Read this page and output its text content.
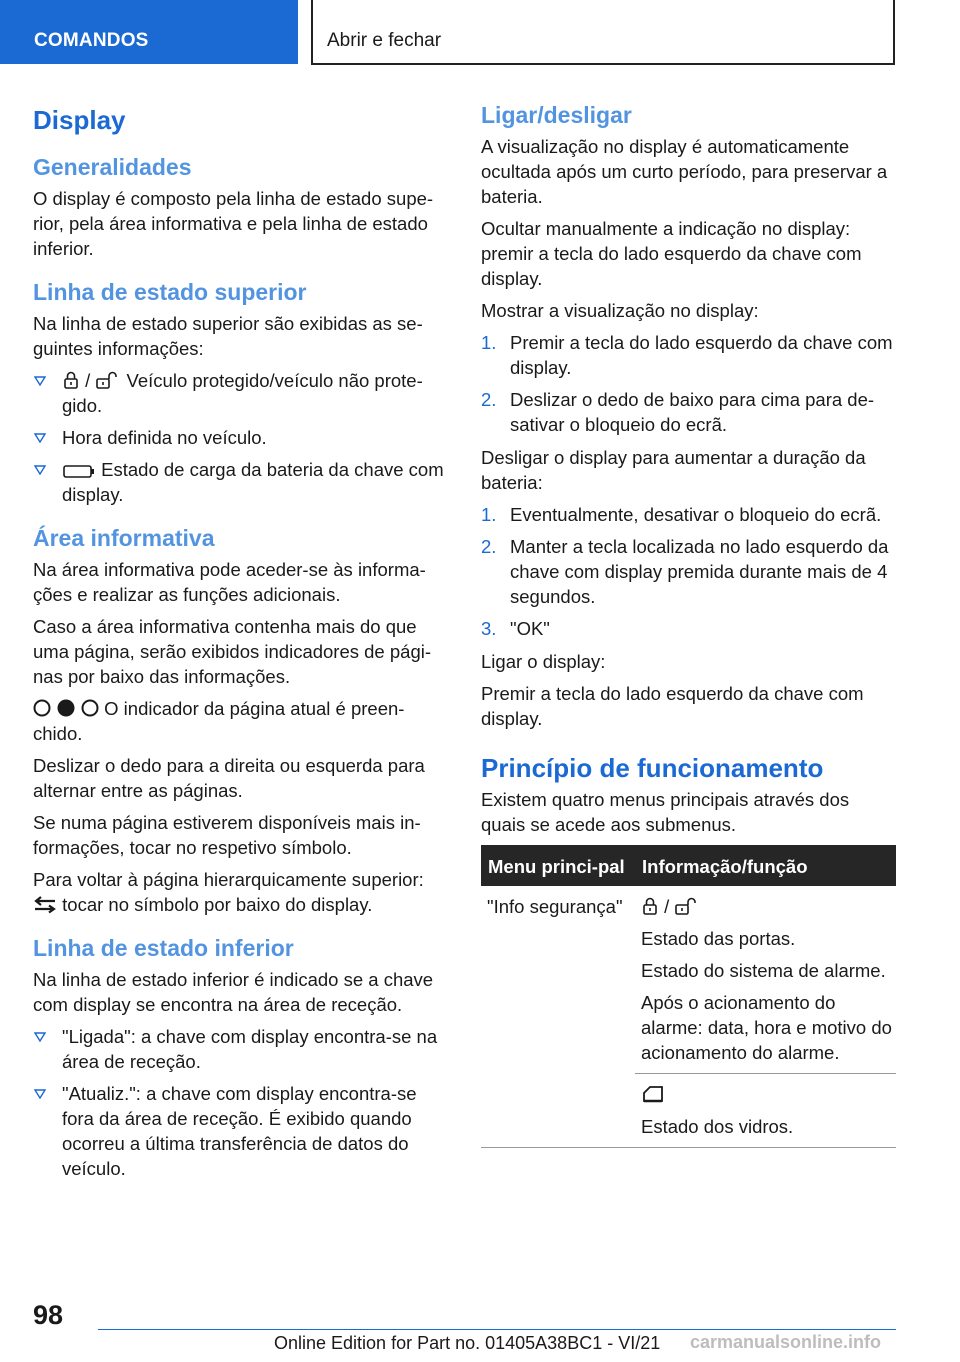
COMANDOS	Abrir e fechar
Display
Generalidades

O display é composto pela linha de estado supe-rior, pela área informativa e pela linha de estado inferior.

Linha de estado superior

Na linha de estado superior são exibidas as se-guintes informações:

/  Veículo protegido/veículo não prote-gido.
Hora definida no veículo.
Estado de carga da bateria da chave com display.
Área informativa

Na área informativa pode aceder-se às informa-ções e realizar as funções adicionais.

Caso a área informativa contenha mais do que uma página, serão exibidos indicadores de pági-nas por baixo das informações.

O indicador da página atual é preen-chido.

Deslizar o dedo para a direita ou esquerda para alternar entre as páginas.

Se numa página estiverem disponíveis mais in-formações, tocar no respetivo símbolo.

Para voltar à página hierarquicamente superior:
tocar no símbolo por baixo do display.

Linha de estado inferior

Na linha de estado inferior é indicado se a chave com display se encontra na área de receção.

"Ligada": a chave com display encontra-se na área de receção.
"Atualiz.": a chave com display encontra-se fora da área de receção. É exibido quando ocorreu a última transferência de datos do veículo.
Ligar/desligar

A visualização no display é automaticamente ocultada após um curto período, para preservar a bateria.

Ocultar manualmente a indicação no display: premir a tecla do lado esquerdo da chave com display.

Mostrar a visualização no display:

1. Premir a tecla do lado esquerdo da chave com display.
2. Deslizar o dedo de baixo para cima para de-sativar o bloqueio do ecrã.

Desligar o display para aumentar a duração da bateria:

1. Eventualmente, desativar o bloqueio do ecrã.
2. Manter a tecla localizada no lado esquerdo da chave com display premida durante mais de 4 segundos.
3. "OK"

Ligar o display:

Premir a tecla do lado esquerdo da chave com display.

Princípio de funcionamento

Existem quatro menus principais através dos quais se acede aos submenus.

Menu princi-pal	Informação/função
"Info segurança"	/

Estado das portas.

Estado do sistema de alarme.

Após o acionamento do alarme: data, hora e motivo do acionamento do alarme.

	Estado dos vidros.

98
Online Edition for Part no. 01405A38BC1 - VI/21 carmanualsonline.info
